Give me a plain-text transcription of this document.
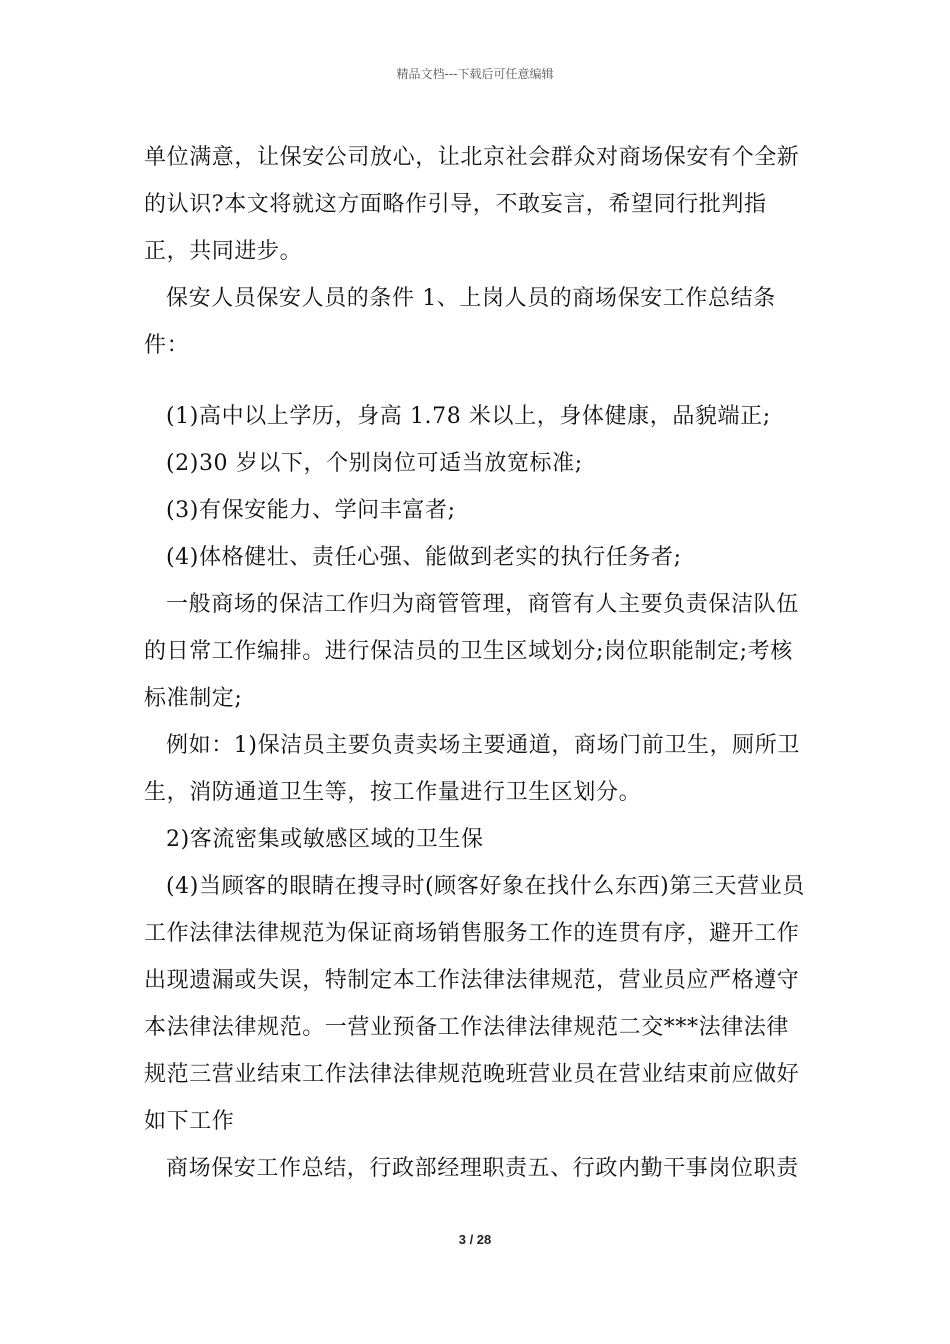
精品文档---下载后可任意编辑

单位满意，让保安公司放心，让北京社会群众对商场保安有个全新的认识?本文将就这方面略作引导，不敢妄言，希望同行批判指正，共同进步。

保安人员保安人员的条件 1、上岗人员的商场保安工作总结条件：

(1)高中以上学历，身高 1.78 米以上，身体健康，品貌端正;

(2)30 岁以下，个别岗位可适当放宽标准;

(3)有保安能力、学问丰富者;

(4)体格健壮、责任心强、能做到老实的执行任务者;

一般商场的保洁工作归为商管管理，商管有人主要负责保洁队伍的日常工作编排。进行保洁员的卫生区域划分;岗位职能制定;考核标准制定;

例如：1)保洁员主要负责卖场主要通道，商场门前卫生，厕所卫生，消防通道卫生等，按工作量进行卫生区划分。

2)客流密集或敏感区域的卫生保

(4)当顾客的眼睛在搜寻时(顾客好象在找什么东西)第三天营业员工作法律法律规范为保证商场销售服务工作的连贯有序，避开工作出现遗漏或失误，特制定本工作法律法律规范，营业员应严格遵守本法律法律规范。一营业预备工作法律法律规范二交***法律法律规范三营业结束工作法律法律规范晚班营业员在营业结束前应做好如下工作

商场保安工作总结，行政部经理职责五、行政内勤干事岗位职责

3 / 28
